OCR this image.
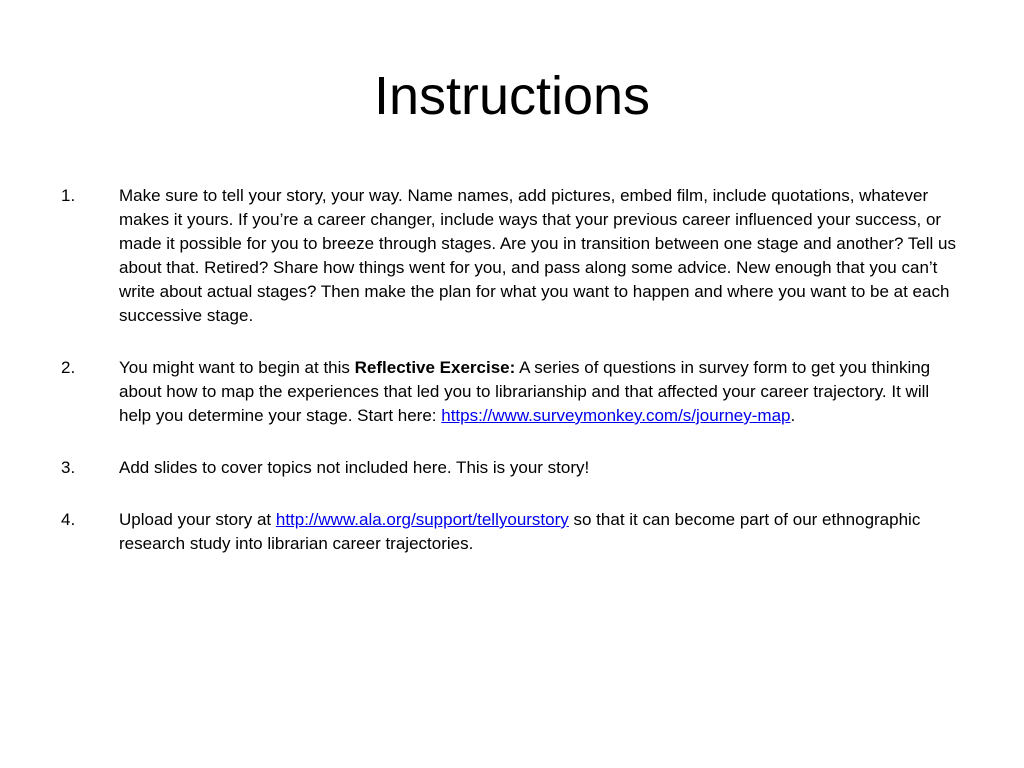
Instructions
1.	Make sure to tell your story, your way. Name names, add pictures, embed film, include quotations, whatever makes it yours. If you’re a career changer, include ways that your previous career influenced your success, or made it possible for you to breeze through stages. Are you in transition between one stage and another? Tell us about that. Retired? Share how things went for you, and pass along some advice. New enough that you can’t write about actual stages? Then make the plan for what you want to happen and where you want to be at each successive stage.
2.	You might want to begin at this Reflective Exercise: A series of questions in survey form to get you thinking about how to map the experiences that led you to librarianship and that affected your career trajectory. It will help you determine your stage. Start here: https://www.surveymonkey.com/s/journey-map.
3.	Add slides to cover topics not included here. This is your story!
4.	Upload your story at http://www.ala.org/support/tellyourstory so that it can become part of our ethnographic research study into librarian career trajectories.
